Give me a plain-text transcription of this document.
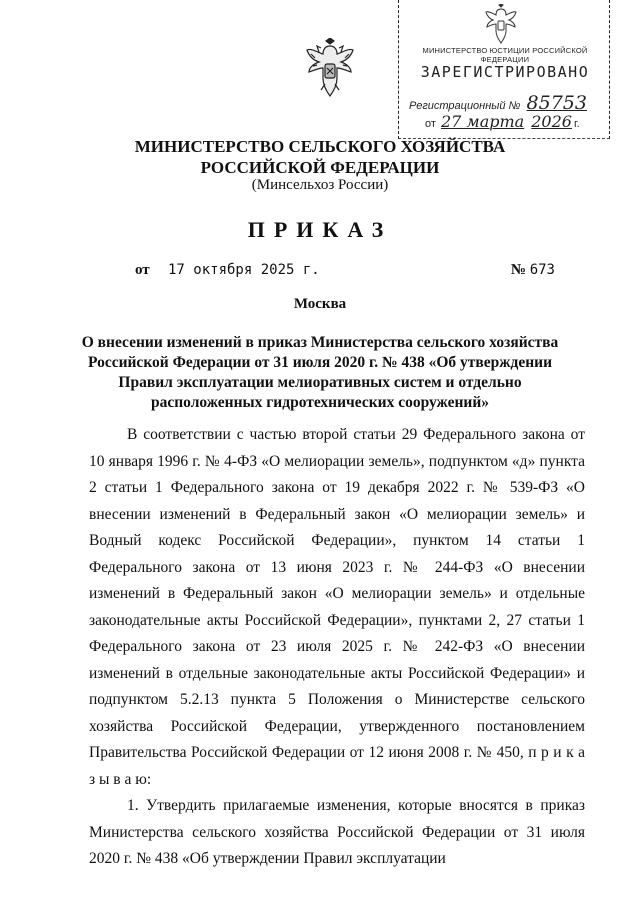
МИНИСТЕРСТВО ЮСТИЦИИ РОССИЙСКОЙ ФЕДЕРАЦИИ
ЗАРЕГИСТРИРОВАНО
Регистрационный № 85753
от 27 марта 2026 г.
МИНИСТЕРСТВО СЕЛЬСКОГО ХОЗЯЙСТВА
РОССИЙСКОЙ ФЕДЕРАЦИИ
(Минсельхоз России)
ПРИКАЗ
от 17 октября 2025 г.	№ 673
Москва
О внесении изменений в приказ Министерства сельского хозяйства
Российской Федерации от 31 июля 2020 г. № 438 «Об утверждении
Правил эксплуатации мелиоративных систем и отдельно
расположенных гидротехнических сооружений»

В соответствии с частью второй статьи 29 Федерального закона от 10 января 1996 г. № 4-ФЗ «О мелиорации земель», подпунктом «д» пункта 2 статьи 1 Федерального закона от 19 декабря 2022 г. № 539-ФЗ «О внесении изменений в Федеральный закон «О мелиорации земель» и Водный кодекс Российской Федерации», пунктом 14 статьи 1 Федерального закона от 13 июня 2023 г. № 244-ФЗ «О внесении изменений в Федеральный закон «О мелиорации земель» и отдельные законодательные акты Российской Федерации», пунктами 2, 27 статьи 1 Федерального закона от 23 июля 2025 г. № 242-ФЗ «О внесении изменений в отдельные законодательные акты Российской Федерации» и подпунктом 5.2.13 пункта 5 Положения о Министерстве сельского хозяйства Российской Федерации, утвержденного постановлением Правительства Российской Федерации от 12 июня 2008 г. № 450, п р и к а з ы в а ю:

1. Утвердить прилагаемые изменения, которые вносятся в приказ Министерства сельского хозяйства Российской Федерации от 31 июля 2020 г. № 438 «Об утверждении Правил эксплуатации
